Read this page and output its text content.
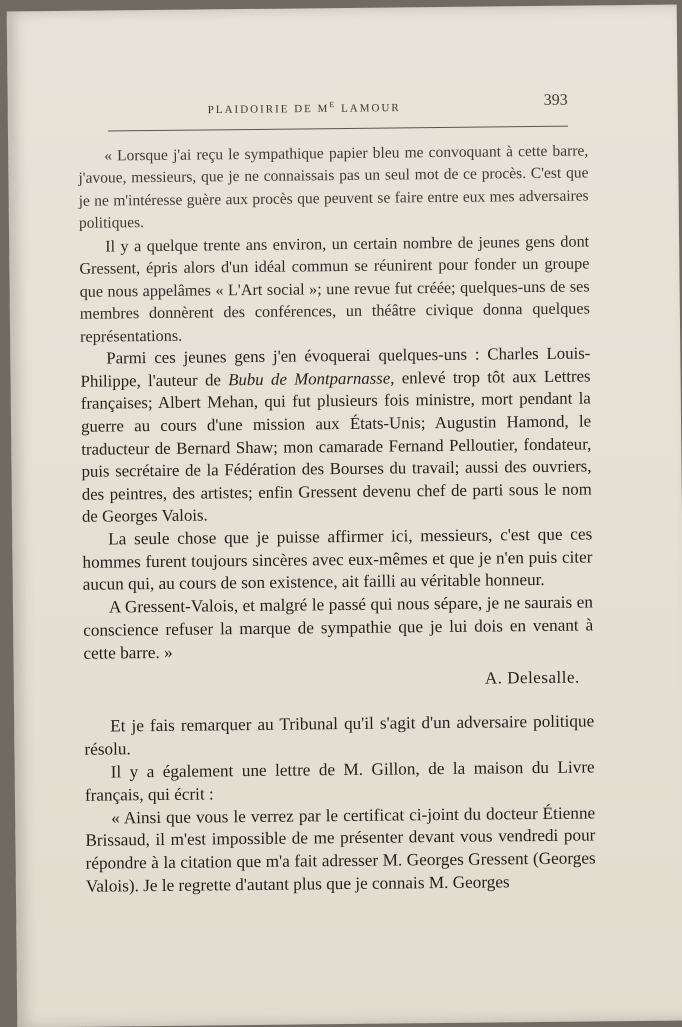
PLAIDOIRIE DE $M^E$ LAMOUR	393

« Lorsque j'ai reçu le sympathique papier bleu me convoquant à cette barre, j'avoue, messieurs, que je ne connaissais pas un seul mot de ce procès. C'est que je ne m'intéresse guère aux procès que peuvent se faire entre eux mes adversaires politiques.

Il y a quelque trente ans environ, un certain nombre de jeunes gens dont Gressent, épris alors d'un idéal commun se réunirent pour fonder un groupe que nous appelâmes « L'Art social »; une revue fut créée; quelques-uns de ses membres donnèrent des conférences, un théâtre civique donna quelques représentations.

Parmi ces jeunes gens j'en évoquerai quelques-uns : Charles Louis-Philippe, l'auteur de Bubu de Montparnasse, enlevé trop tôt aux Lettres françaises; Albert Mehan, qui fut plusieurs fois ministre, mort pendant la guerre au cours d'une mission aux États-Unis; Augustin Hamond, le traducteur de Bernard Shaw; mon camarade Fernand Pelloutier, fondateur, puis secrétaire de la Fédération des Bourses du travail; aussi des ouvriers, des peintres, des artistes; enfin Gressent devenu chef de parti sous le nom de Georges Valois.

La seule chose que je puisse affirmer ici, messieurs, c'est que ces hommes furent toujours sincères avec eux-mêmes et que je n'en puis citer aucun qui, au cours de son existence, ait failli au véritable honneur.

A Gressent-Valois, et malgré le passé qui nous sépare, je ne saurais en conscience refuser la marque de sympathie que je lui dois en venant à cette barre. »

A. Delesalle.

Et je fais remarquer au Tribunal qu'il s'agit d'un adversaire politique résolu.

Il y a également une lettre de M. Gillon, de la maison du Livre français, qui écrit :

« Ainsi que vous le verrez par le certificat ci-joint du docteur Étienne Brissaud, il m'est impossible de me présenter devant vous vendredi pour répondre à la citation que m'a fait adresser M. Georges Gressent (Georges Valois). Je le regrette d'autant plus que je connais M. Georges
